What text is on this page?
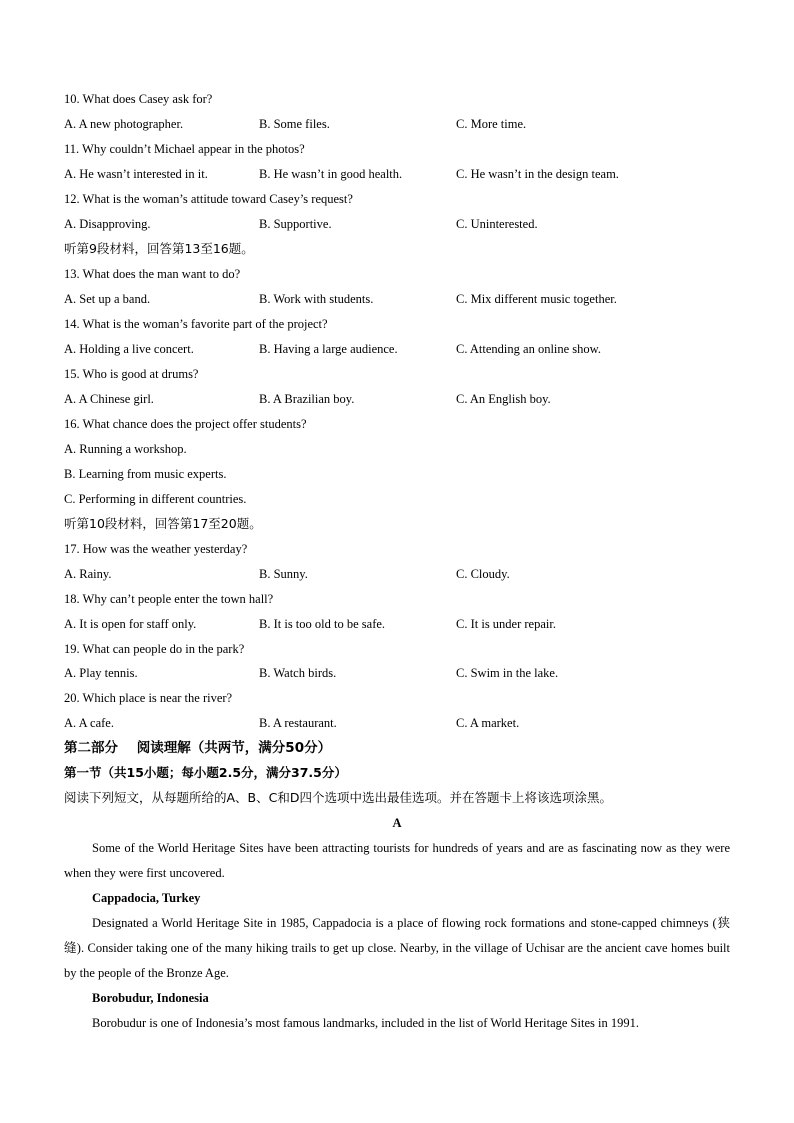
10. What does Casey ask for?
A. A new photographer.	B. Some files.	C. More time.
11. Why couldn’t Michael appear in the photos?
A. He wasn’t interested in it.	B. He wasn’t in good health.	C. He wasn’t in the design team.
12. What is the woman’s attitude toward Casey’s request?
A. Disapproving.	B. Supportive.	C. Uninterested.
听第9段材料，回答第13至16题。
13. What does the man want to do?
A. Set up a band.	B. Work with students.	C. Mix different music together.
14. What is the woman’s favorite part of the project?
A. Holding a live concert.	B. Having a large audience.	C. Attending an online show.
15. Who is good at drums?
A. A Chinese girl.	B. A Brazilian boy.	C. An English boy.
16. What chance does the project offer students?
A. Running a workshop.
B. Learning from music experts.
C. Performing in different countries.
听第10段材料，回答第17至20题。
17. How was the weather yesterday?
A. Rainy.	B. Sunny.	C. Cloudy.
18. Why can’t people enter the town hall?
A. It is open for staff only.	B. It is too old to be safe.	C. It is under repair.
19. What can people do in the park?
A. Play tennis.	B. Watch birds.	C. Swim in the lake.
20. Which place is near the river?
A. A cafe.	B. A restaurant.	C. A market.
第二部分    阅读理解（共两节，满分50分）
第一节（共15小题；每小题2.5分，满分37.5分）
阅读下列短文，从每题所给的A、B、C和D四个选项中选出最佳选项。并在答题卡上将该选项涂黑。
A
Some of the World Heritage Sites have been attracting tourists for hundreds of years and are as fascinating now as they were when they were first uncovered.
Cappadocia, Turkey
Designated a World Heritage Site in 1985, Cappadocia is a place of flowing rock formations and stone-capped chimneys (狭缝). Consider taking one of the many hiking trails to get up close. Nearby, in the village of Uchisar are the ancient cave homes built by the people of the Bronze Age.
Borobudur, Indonesia
Borobudur is one of Indonesia’s most famous landmarks, included in the list of World Heritage Sites in 1991.
